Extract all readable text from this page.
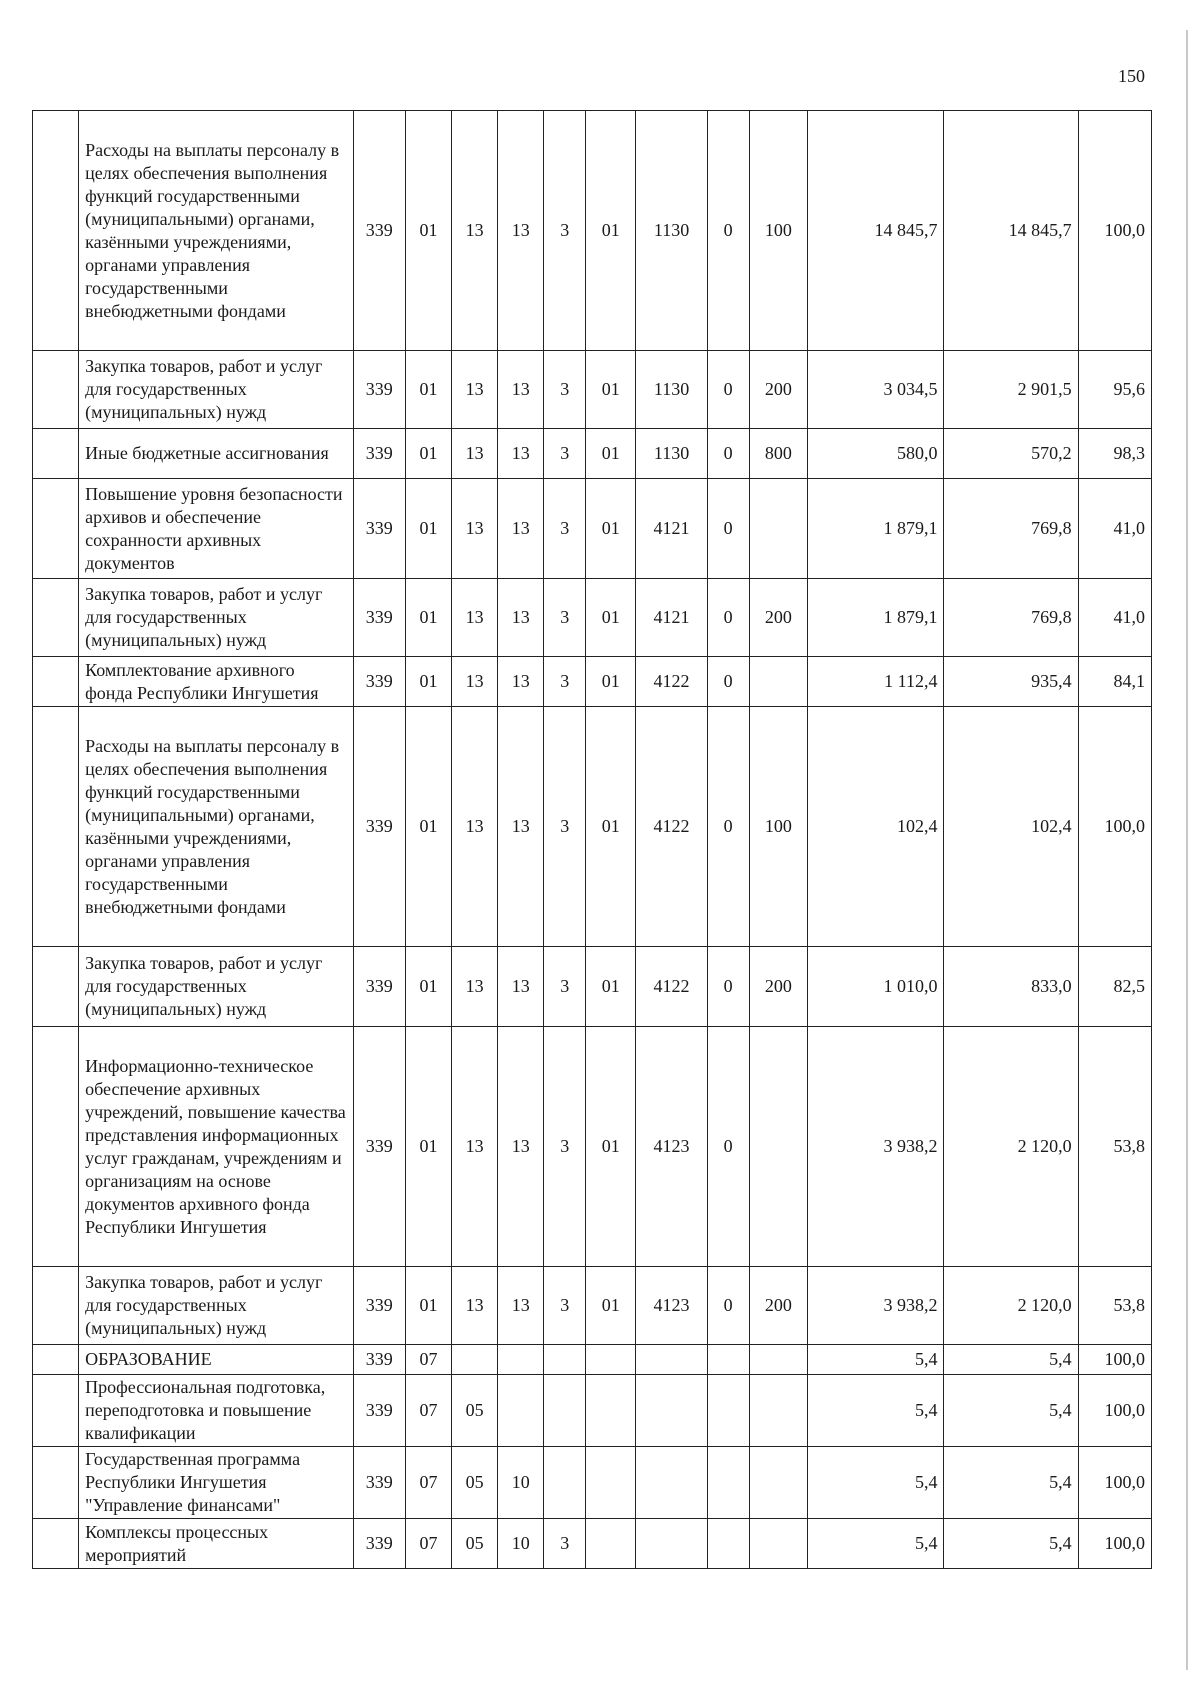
150
	Расходы на выплаты персоналу в целях обеспечения выполнения функций государственными (муниципальными) органами, казёнными учреждениями, органами управления государственными внебюджетными фондами	339	01	13	13	3	01	1130	0	100	14 845,7	14 845,7	100,0
	Закупка товаров, работ и услуг для государственных (муниципальных) нужд	339	01	13	13	3	01	1130	0	200	3 034,5	2 901,5	95,6
	Иные бюджетные ассигнования	339	01	13	13	3	01	1130	0	800	580,0	570,2	98,3
	Повышение уровня безопасности архивов и обеспечение сохранности архивных документов	339	01	13	13	3	01	4121	0		1 879,1	769,8	41,0
	Закупка товаров, работ и услуг для государственных (муниципальных) нужд	339	01	13	13	3	01	4121	0	200	1 879,1	769,8	41,0
	Комплектование архивного фонда Республики Ингушетия	339	01	13	13	3	01	4122	0		1 112,4	935,4	84,1
	Расходы на выплаты персоналу в целях обеспечения выполнения функций государственными (муниципальными) органами, казёнными учреждениями, органами управления государственными внебюджетными фондами	339	01	13	13	3	01	4122	0	100	102,4	102,4	100,0
	Закупка товаров, работ и услуг для государственных (муниципальных) нужд	339	01	13	13	3	01	4122	0	200	1 010,0	833,0	82,5
	Информационно-техническое обеспечение архивных учреждений, повышение качества представления информационных услуг гражданам, учреждениям и организациям на основе документов архивного фонда Республики Ингушетия	339	01	13	13	3	01	4123	0		3 938,2	2 120,0	53,8
	Закупка товаров, работ и услуг для государственных (муниципальных) нужд	339	01	13	13	3	01	4123	0	200	3 938,2	2 120,0	53,8
	ОБРАЗОВАНИЕ	339	07								5,4	5,4	100,0
	Профессиональная подготовка, переподготовка и повышение квалификации	339	07	05							5,4	5,4	100,0
	Государственная программа Республики Ингушетия "Управление финансами"	339	07	05	10						5,4	5,4	100,0
	Комплексы процессных мероприятий	339	07	05	10	3					5,4	5,4	100,0
